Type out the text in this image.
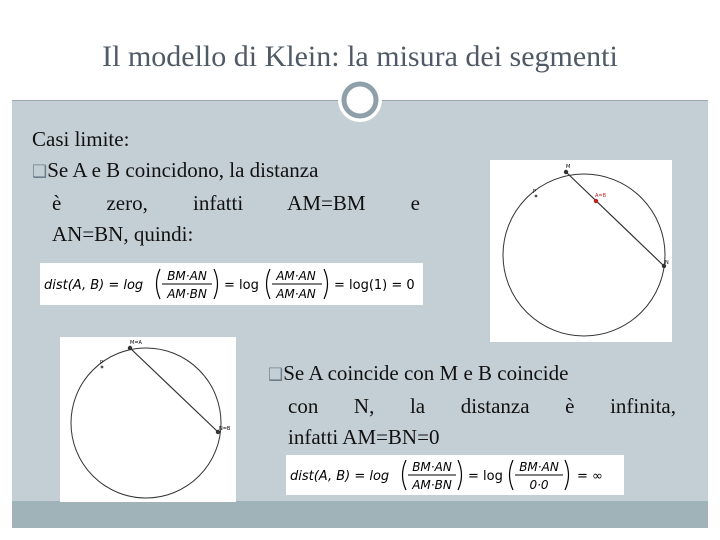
Il modello di Klein: la misura dei segmenti
Casi limite:
❑Se A e B coincidono, la distanza
è zero, infatti AM=BM e
AN=BN, quindi:
dist(A, B) = log
BM·AN
AM·BN
= log
AM·AN
AM·AN
= log(1) = 0
M
A=B
N
P
M=A
N=B
P
❑Se A coincide con M e B coincide
con N, la distanza è infinita,
infatti AM=BN=0
dist(A, B) = log
BM·AN
AM·BN
= log
BM·AN
0·0
= ∞
